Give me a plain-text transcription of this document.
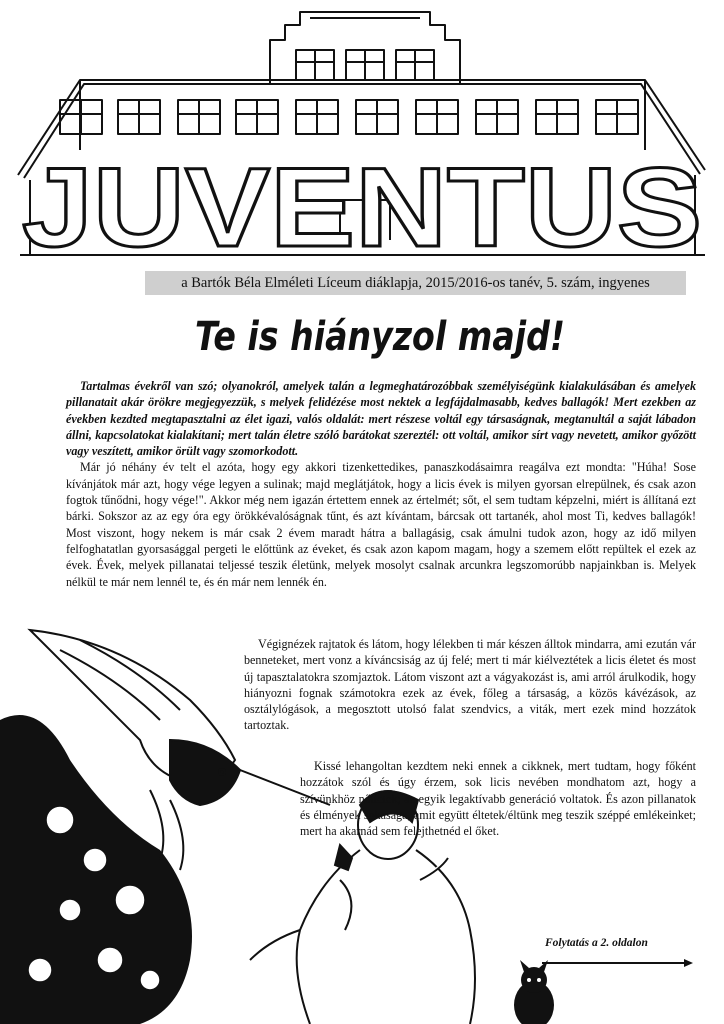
JUVENTUS
a Bartók Béla Elméleti Líceum diáklapja, 2015/2016-os tanév, 5. szám, ingyenes
Te is hiányzol majd!

Tartalmas évekről van szó; olyanokról, amelyek talán a legmeghatározóbbak személyiségünk kialakulásában és amelyek pillanatait akár örökre megjegyezzük, s melyek felidézése most nektek a legfájdalmasabb, kedves ballagók! Mert ezekben az években kezdted megtapasztalni az élet igazi, valós oldalát: mert részese voltál egy társaságnak, megtanultál a saját lábadon állni, kapcsolatokat kialakítani; mert talán életre szóló barátokat szereztél: ott voltál, amikor sírt vagy nevetett, amikor győzött vagy veszített, amikor örült vagy szomorkodott.

Már jó néhány év telt el azóta, hogy egy akkori tizenkettedikes, panaszkodásaimra reagálva ezt mondta: "Húha! Sose kívánjátok már azt, hogy vége legyen a sulinak; majd meglátjátok, hogy a licis évek is milyen gyorsan elrepülnek, és csak azon fogtok tűnődni, hogy vége!". Akkor még nem igazán értettem ennek az értelmét; sőt, el sem tudtam képzelni, miért is állítaná ezt bárki. Sokszor az az egy óra egy örökkévalóságnak tűnt, és azt kívántam, bárcsak ott tartanék, ahol most Ti, kedves ballagók! Most viszont, hogy nekem is már csak 2 évem maradt hátra a ballagásig, csak ámulni tudok azon, hogy az idő milyen felfoghatatlan gyorsasággal pergeti le előttünk az éveket, és csak azon kapom magam, hogy a szemem előtt repültek el ezek az évek. Évek, melyek pillanatai teljessé teszik életünk, melyek mosolyt csalnak arcunkra legszomorúbb napjainkban is. Melyek nélkül te már nem lennél te, és én már nem lennék én.

Végignézek rajtatok és látom, hogy lélekben ti már készen álltok mindarra, ami ezután vár benneteket, mert vonz a kíváncsiság az új felé; mert ti már kiélveztétek a licis életet és most új tapasztalatokra szomjaztok. Látom viszont azt a vágyakozást is, ami arról árulkodik, hogy hiányozni fognak számotokra ezek az évek, főleg a társaság, a közös kávézások, az osztálylógások, a megosztott utolsó falat szendvics, a viták, mert ezek mind hozzátok tartoztak.

Kissé lehangoltan kezdtem neki ennek a cikknek, mert tudtam, hogy főként hozzátok szól és úgy érzem, sok licis nevében mondhatom azt, hogy a szívünkhöz nőttetek; az egyik legaktívabb generáció voltatok. És azon pillanatok és élmények sokasága, amit együtt éltetek/éltünk meg teszik széppé emlékeinket; mert ha akarnád sem felejthetnéd el őket.

Folytatás a 2. oldalon
